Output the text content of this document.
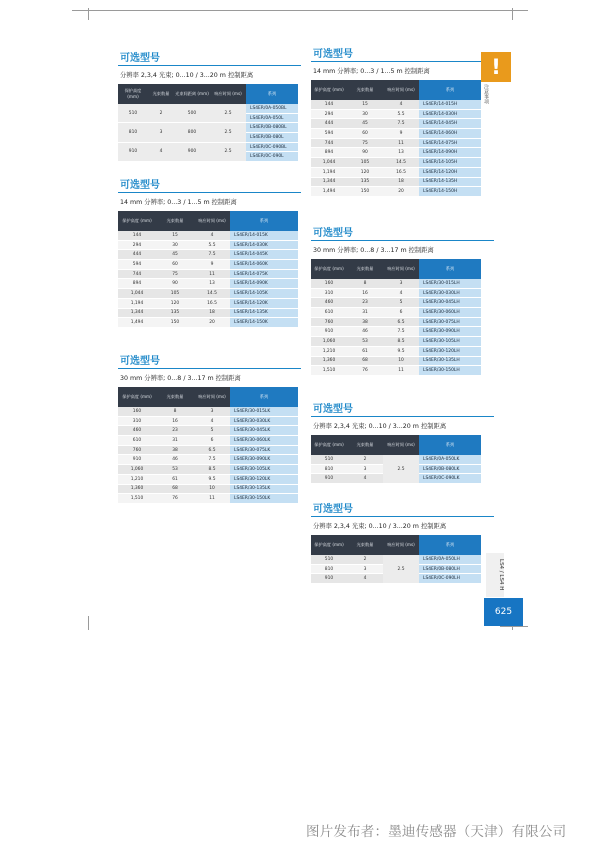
可选型号
分辨率 2,3,4 光束; 0...10 / 3...20 m 控制距离
保护高度 (mm)	光束数量	光束间距离 (mm)	响应时间 (ms)	系列
510	2	500	2.5	LS4ER/0A-050BL
				LS4ER/0A-050L
810	3	800	2.5	LS4ER/0B-080BL
				LS4ER/0B-080L
910	4	900	2.5	LS4ER/0C-090BL
				LS4ER/0C-090L
可选型号
14 mm 分辨率; 0...3 / 1...5 m 控制距离
保护高度 (mm)	光束数量	响应时间 (ms)	系列
144	15	4	LS4ER/14-015K
294	30	5.5	LS4ER/14-030K
444	45	7.5	LS4ER/14-045K
594	60	9	LS4ER/14-060K
744	75	11	LS4ER/14-075K
894	90	13	LS4ER/14-090K
1,044	105	14.5	LS4ER/14-105K
1,194	120	16.5	LS4ER/14-120K
1,344	135	18	LS4ER/14-135K
1,494	150	20	LS4ER/14-150K
可选型号
30 mm 分辨率; 0...8 / 3...17 m 控制距离
保护高度 (mm)	光束数量	响应时间 (ms)	系列
160	8	3	LS4ER/30-015LK
310	16	4	LS4ER/30-030LK
460	23	5	LS4ER/30-045LK
610	31	6	LS4ER/30-060LK
760	38	6.5	LS4ER/30-075LK
910	46	7.5	LS4ER/30-090LK
1,060	53	8.5	LS4ER/30-105LK
1,210	61	9.5	LS4ER/30-120LK
1,360	68	10	LS4ER/30-135LK
1,510	76	11	LS4ER/30-150LK
可选型号
14 mm 分辨率; 0...3 / 1...5 m 控制距离
保护高度 (mm)	光束数量	响应时间 (ms)	系列
144	15	4	LS4ER/14-015H
294	30	5.5	LS4ER/14-030H
444	45	7.5	LS4ER/14-045H
594	60	9	LS4ER/14-060H
744	75	11	LS4ER/14-075H
894	90	13	LS4ER/14-090H
1,044	105	14.5	LS4ER/14-105H
1,194	120	16.5	LS4ER/14-120H
1,344	135	18	LS4ER/14-135H
1,494	150	20	LS4ER/14-150H
可选型号
30 mm 分辨率; 0...8 / 3...17 m 控制距离
保护高度 (mm)	光束数量	响应时间 (ms)	系列
160	8	3	LS4ER/30-015LH
310	16	4	LS4ER/30-030LH
460	23	5	LS4ER/30-045LH
610	31	6	LS4ER/30-060LH
760	38	6.5	LS4ER/30-075LH
910	46	7.5	LS4ER/30-090LH
1,060	53	8.5	LS4ER/30-105LH
1,210	61	9.5	LS4ER/30-120LH
1,360	68	10	LS4ER/30-135LH
1,510	76	11	LS4ER/30-150LH
可选型号
分辨率 2,3,4 光束; 0...10 / 3...20 m 控制距离
保护高度 (mm)	光束数量	响应时间 (ms)	系列
510	2	2.5	LS4ER/0A-050LK
810	3		LS4ER/0B-080LK
910	4		LS4ER/0C-090LK
可选型号
分辨率 2,3,4 光束; 0...10 / 3...20 m 控制距离
保护高度 (mm)	光束数量	响应时间 (ms)	系列
510	2	2.5	LS4ER/0A-050LH
810	3		LS4ER/0B-080LH
910	4		LS4ER/0C-090LH
!
注意事项
LS4 / LS4 H
625
图片发布者：墨迪传感器（天津）有限公司
